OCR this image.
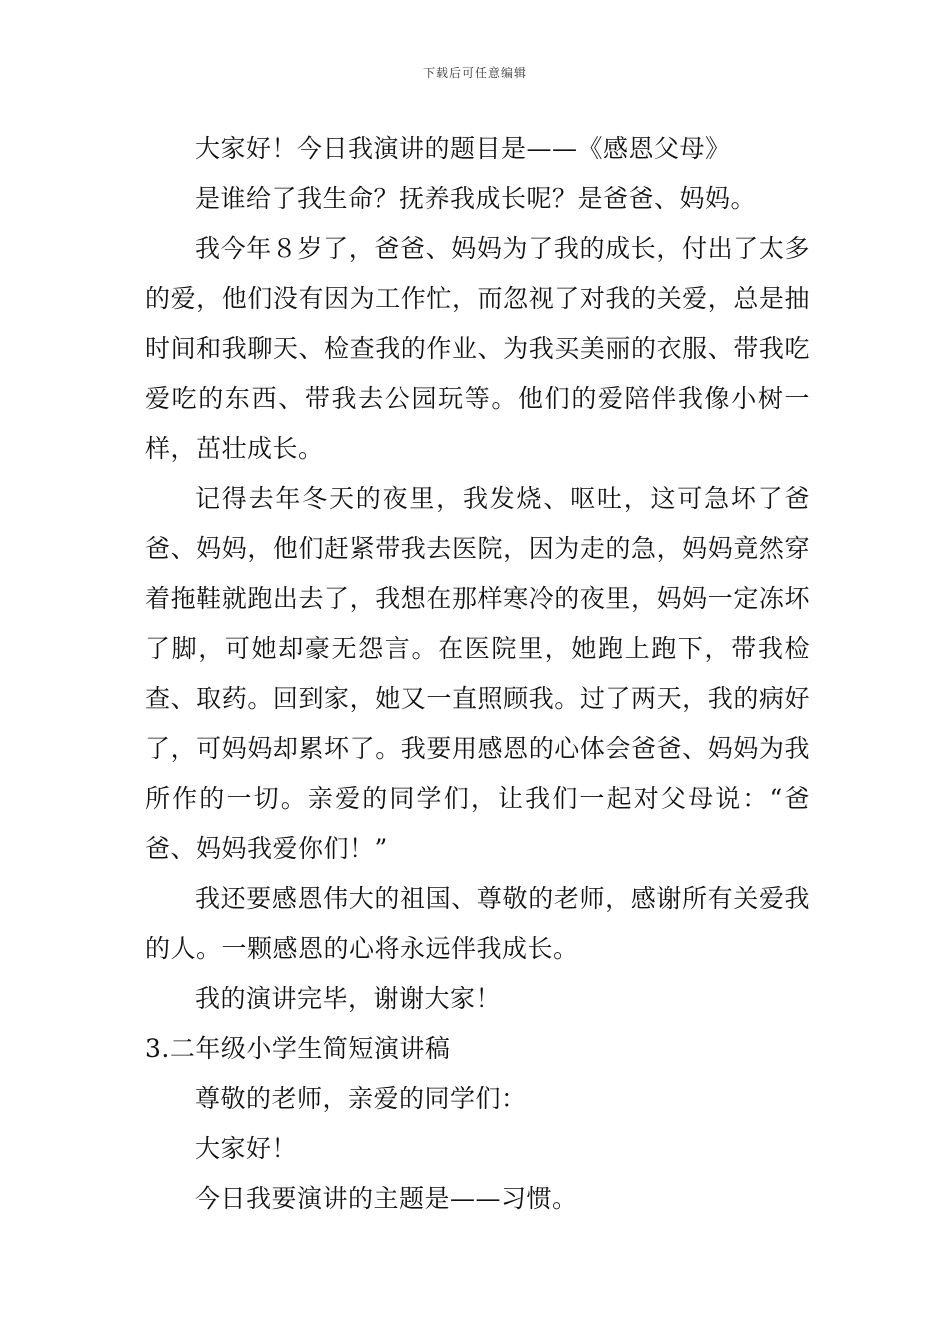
下载后可任意编辑

大家好！今日我演讲的题目是——《感恩父母》

是谁给了我生命？抚养我成长呢？是爸爸、妈妈。

我今年８岁了，爸爸、妈妈为了我的成长，付出了太多的爱，他们没有因为工作忙，而忽视了对我的关爱，总是抽时间和我聊天、检查我的作业、为我买美丽的衣服、带我吃爱吃的东西、带我去公园玩等。他们的爱陪伴我像小树一样，茁壮成长。

记得去年冬天的夜里，我发烧、呕吐，这可急坏了爸爸、妈妈，他们赶紧带我去医院，因为走的急，妈妈竟然穿着拖鞋就跑出去了，我想在那样寒冷的夜里，妈妈一定冻坏了脚，可她却豪无怨言。在医院里，她跑上跑下，带我检查、取药。回到家，她又一直照顾我。过了两天，我的病好了，可妈妈却累坏了。我要用感恩的心体会爸爸、妈妈为我所作的一切。亲爱的同学们，让我们一起对父母说：“爸爸、妈妈我爱你们！”

我还要感恩伟大的祖国、尊敬的老师，感谢所有关爱我的人。一颗感恩的心将永远伴我成长。

我的演讲完毕，谢谢大家！

3.二年级小学生简短演讲稿

尊敬的老师，亲爱的同学们：

大家好！

今日我要演讲的主题是——习惯。
